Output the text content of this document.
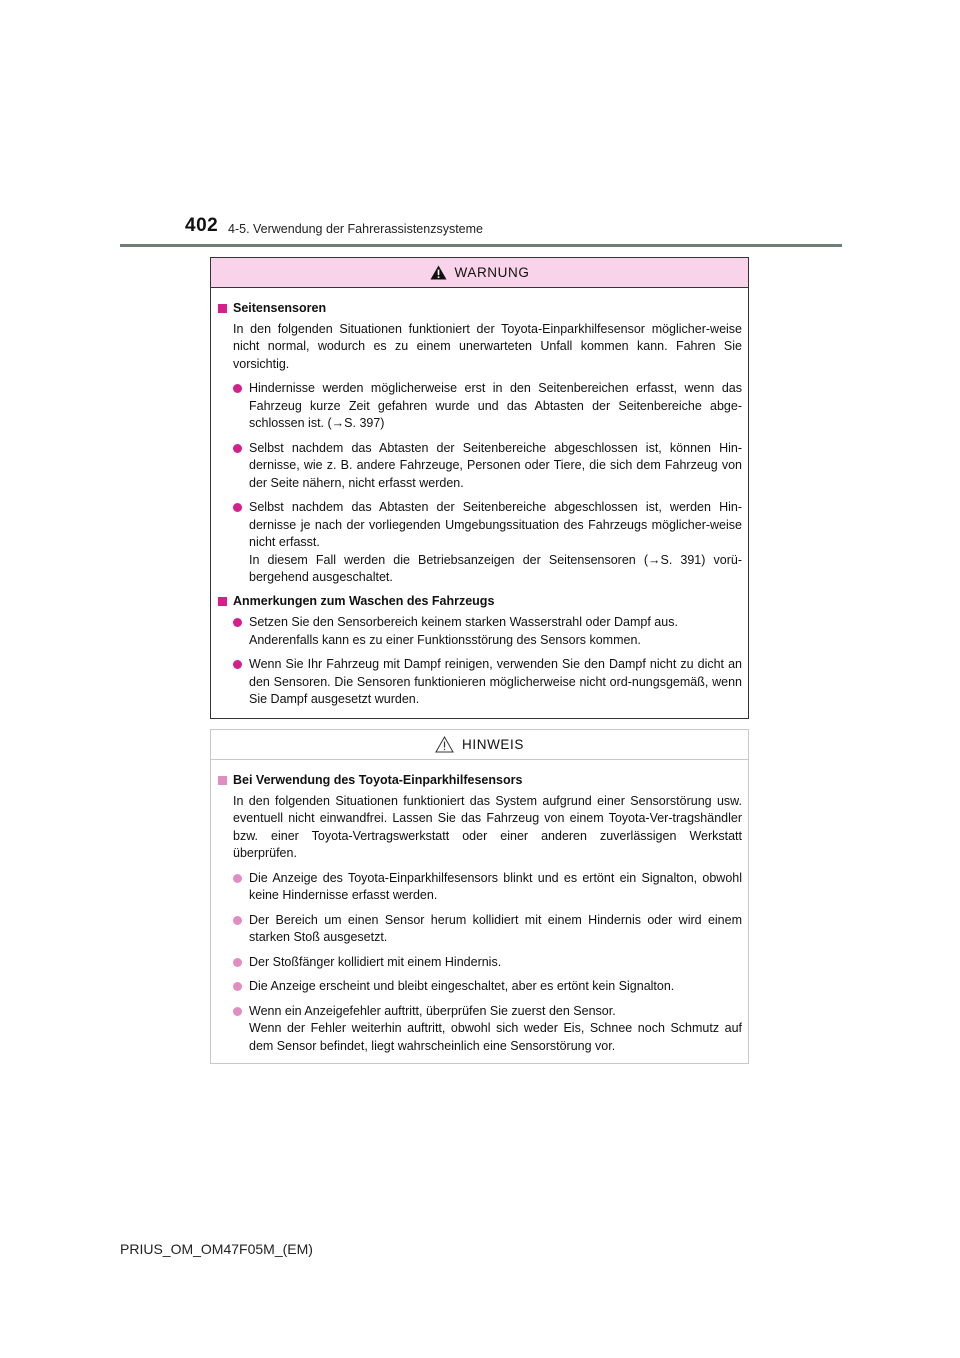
402 4-5. Verwendung der Fahrerassistenzsysteme
WARNUNG
Seitensensoren
In den folgenden Situationen funktioniert der Toyota-Einparkhilfesensor möglicher-weise nicht normal, wodurch es zu einem unerwarteten Unfall kommen kann. Fahren Sie vorsichtig.
Hindernisse werden möglicherweise erst in den Seitenbereichen erfasst, wenn das Fahrzeug kurze Zeit gefahren wurde und das Abtasten der Seitenbereiche abge-schlossen ist. (→S. 397)
Selbst nachdem das Abtasten der Seitenbereiche abgeschlossen ist, können Hin-dernisse, wie z. B. andere Fahrzeuge, Personen oder Tiere, die sich dem Fahrzeug von der Seite nähern, nicht erfasst werden.
Selbst nachdem das Abtasten der Seitenbereiche abgeschlossen ist, werden Hin-dernisse je nach der vorliegenden Umgebungssituation des Fahrzeugs möglicher-weise nicht erfasst.
In diesem Fall werden die Betriebsanzeigen der Seitensensoren (→S. 391) vorü-bergehend ausgeschaltet.
Anmerkungen zum Waschen des Fahrzeugs
Setzen Sie den Sensorbereich keinem starken Wasserstrahl oder Dampf aus.
Anderenfalls kann es zu einer Funktionsstörung des Sensors kommen.
Wenn Sie Ihr Fahrzeug mit Dampf reinigen, verwenden Sie den Dampf nicht zu dicht an den Sensoren. Die Sensoren funktionieren möglicherweise nicht ord-nungsgemäß, wenn Sie Dampf ausgesetzt wurden.
HINWEIS
Bei Verwendung des Toyota-Einparkhilfesensors
In den folgenden Situationen funktioniert das System aufgrund einer Sensorstörung usw. eventuell nicht einwandfrei. Lassen Sie das Fahrzeug von einem Toyota-Ver-tragshändler bzw. einer Toyota-Vertragswerkstatt oder einer anderen zuverlässigen Werkstatt überprüfen.
Die Anzeige des Toyota-Einparkhilfesensors blinkt und es ertönt ein Signalton, obwohl keine Hindernisse erfasst werden.
Der Bereich um einen Sensor herum kollidiert mit einem Hindernis oder wird einem starken Stoß ausgesetzt.
Der Stoßfänger kollidiert mit einem Hindernis.
Die Anzeige erscheint und bleibt eingeschaltet, aber es ertönt kein Signalton.
Wenn ein Anzeigefehler auftritt, überprüfen Sie zuerst den Sensor.
Wenn der Fehler weiterhin auftritt, obwohl sich weder Eis, Schnee noch Schmutz auf dem Sensor befindet, liegt wahrscheinlich eine Sensorstörung vor.
PRIUS_OM_OM47F05M_(EM)
